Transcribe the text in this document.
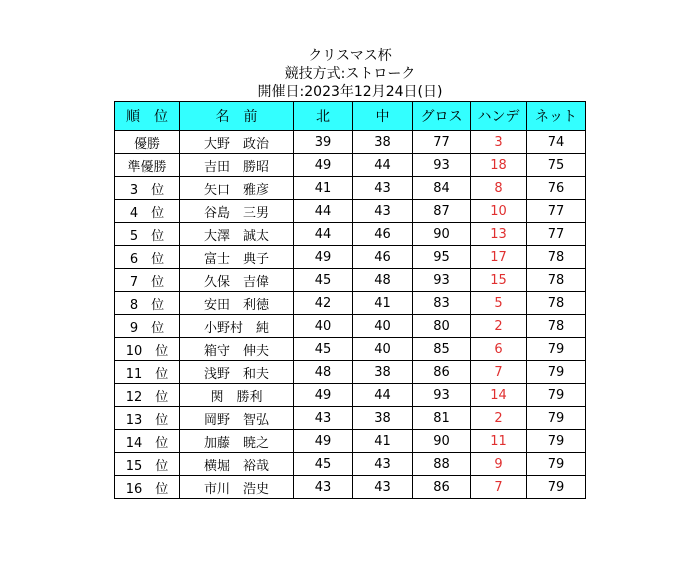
クリスマス杯
競技方式:ストローク
開催日:2023年12月24日(日)
順　位	名　前	北	中	グロス	ハンデ	ネット
優勝	大野　政治	39	38	77	3	74
準優勝	吉田　勝昭	49	44	93	18	75
3　位	矢口　雅彦	41	43	84	8	76
4　位	谷島　三男	44	43	87	10	77
5　位	大澤　誠太	44	46	90	13	77
6　位	富士　典子	49	46	95	17	78
7　位	久保　吉偉	45	48	93	15	78
8　位	安田　利徳	42	41	83	5	78
9　位	小野村　純	40	40	80	2	78
10　位	箱守　伸夫	45	40	85	6	79
11　位	浅野　和夫	48	38	86	7	79
12　位	関　勝利	49	44	93	14	79
13　位	岡野　智弘	43	38	81	2	79
14　位	加藤　暁之	49	41	90	11	79
15　位	横堀　裕哉	45	43	88	9	79
16　位	市川　浩史	43	43	86	7	79
